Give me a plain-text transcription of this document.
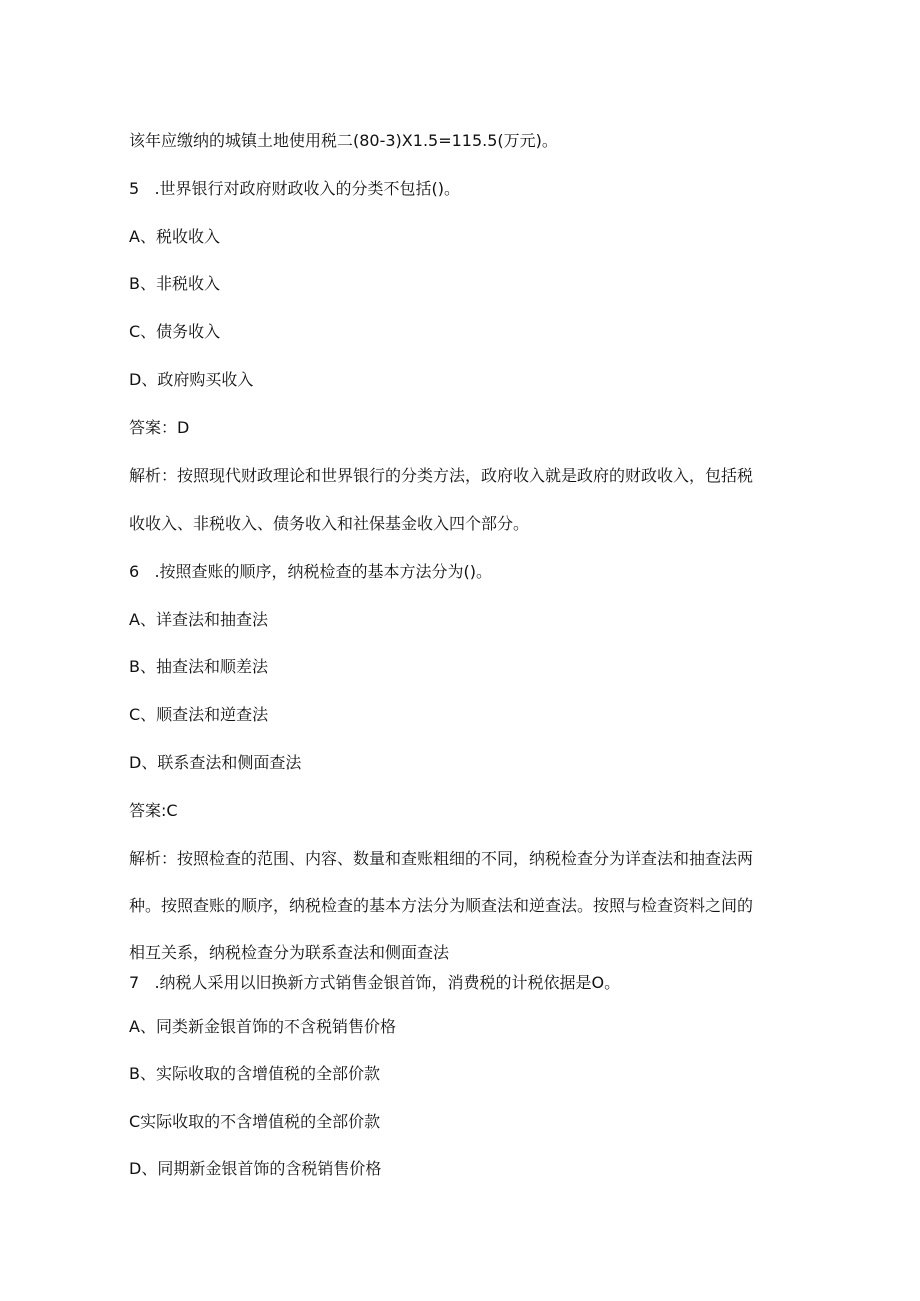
该年应缴纳的城镇土地使用税二(80-3)X1.5=115.5(万元)。
5   .世界银行对政府财政收入的分类不包括()。
A、税收收入
B、非税收入
C、债务收入
D、政府购买收入
答案：D
解析：按照现代财政理论和世界银行的分类方法，政府收入就是政府的财政收入，包括税
收收入、非税收入、债务收入和社保基金收入四个部分。
6   .按照查账的顺序，纳税检查的基本方法分为()。
A、详查法和抽查法
B、抽查法和顺差法
C、顺查法和逆查法
D、联系查法和侧面查法
答案:C
解析：按照检查的范围、内容、数量和查账粗细的不同，纳税检查分为详查法和抽查法两
种。按照查账的顺序，纳税检查的基本方法分为顺查法和逆查法。按照与检查资料之间的
相互关系，纳税检查分为联系查法和侧面查法
7   .纳税人采用以旧换新方式销售金银首饰，消费税的计税依据是O。
A、同类新金银首饰的不含税销售价格
B、实际收取的含增值税的全部价款
C实际收取的不含增值税的全部价款
D、同期新金银首饰的含税销售价格
